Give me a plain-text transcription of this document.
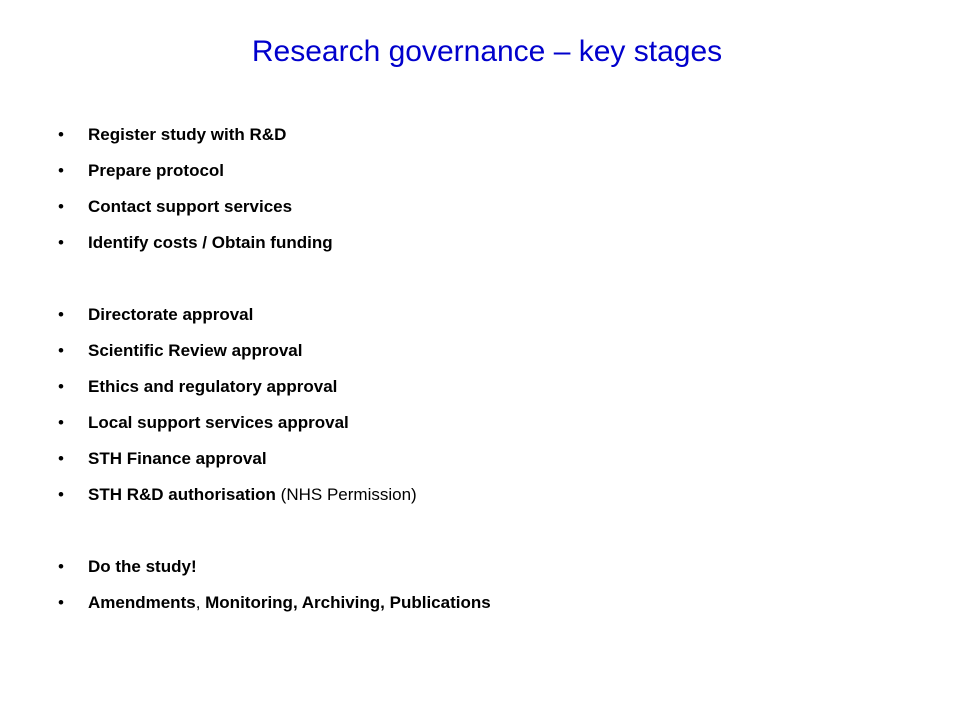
Research governance – key stages
•	Register study with R&D
•	Prepare protocol
•	Contact support services
•	Identify costs / Obtain funding
•	Directorate approval
•	Scientific Review approval
•	Ethics and regulatory approval
•	Local support services approval
•	STH Finance approval
•	STH R&D authorisation (NHS Permission)
•	Do the study!
•	Amendments, Monitoring, Archiving, Publications
